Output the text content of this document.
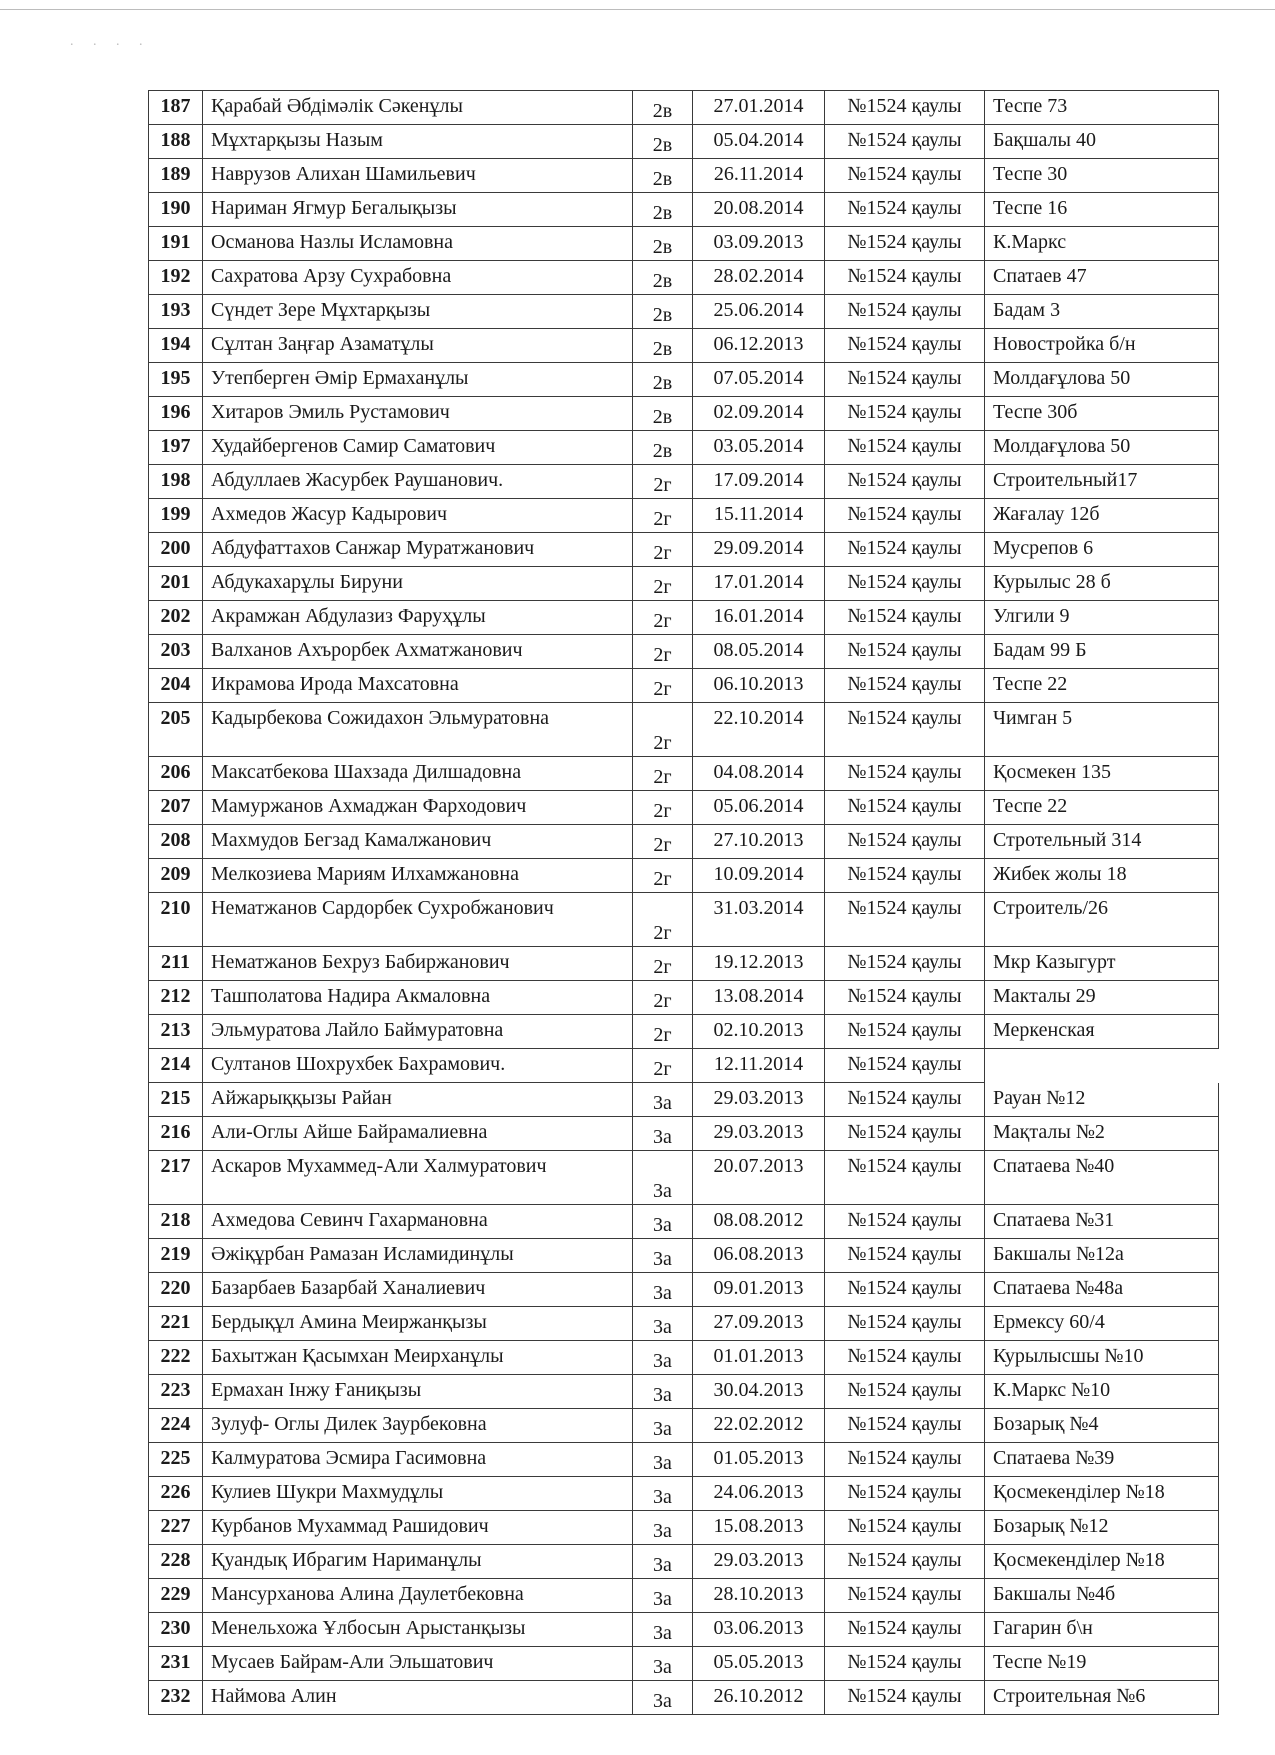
. . . .
187	Қарабай Әбдімәлік Сәкенұлы	2в	27.01.2014	№1524 қаулы	Теспе 73
188	Мұхтарқызы Назым	2в	05.04.2014	№1524 қаулы	Бақшалы 40
189	Наврузов Алихан Шамильевич	2в	26.11.2014	№1524 қаулы	Теспе 30
190	Нариман Ягмур Бегалықызы	2в	20.08.2014	№1524 қаулы	Теспе 16
191	Османова Назлы Исламовна	2в	03.09.2013	№1524 қаулы	К.Маркс
192	Сахратова Арзу Сухрабовна	2в	28.02.2014	№1524 қаулы	Спатаев 47
193	Сүндет Зере Мұхтарқызы	2в	25.06.2014	№1524 қаулы	Бадам 3
194	Сұлтан Заңғар Азаматұлы	2в	06.12.2013	№1524 қаулы	Новостройка б/н
195	Утепберген Әмір Ермаханұлы	2в	07.05.2014	№1524 қаулы	Молдағұлова 50
196	Хитаров Эмиль Рустамович	2в	02.09.2014	№1524 қаулы	Теспе 30б
197	Худайбергенов Самир Саматович	2в	03.05.2014	№1524 қаулы	Молдағұлова 50
198	Абдуллаев Жасурбек Раушанович.	2г	17.09.2014	№1524 қаулы	Строительный17
199	Ахмедов Жасур Кадырович	2г	15.11.2014	№1524 қаулы	Жағалау 12б
200	Абдуфаттахов Санжар Муратжанович	2г	29.09.2014	№1524 қаулы	Мусрепов 6
201	Абдукахарұлы Бируни	2г	17.01.2014	№1524 қаулы	Курылыс 28 б
202	Акрамжан Абдулазиз Фаруҳұлы	2г	16.01.2014	№1524 қаулы	Улгили 9
203	Валханов Ахърорбек Ахматжанович	2г	08.05.2014	№1524 қаулы	Бадам 99 Б
204	Икрамова Ирода Махсатовна	2г	06.10.2013	№1524 қаулы	Теспе 22
205	Кадырбекова Сожидахон Эльмуратовна	2г	22.10.2014	№1524 қаулы	Чимган 5
206	Максатбекова Шахзада Дилшадовна	2г	04.08.2014	№1524 қаулы	Қосмекен 135
207	Мамуржанов Ахмаджан Фарходович	2г	05.06.2014	№1524 қаулы	Теспе 22
208	Махмудов Бегзад Камалжанович	2г	27.10.2013	№1524 қаулы	Стротельный 314
209	Мелкозиева Мариям Илхамжановна	2г	10.09.2014	№1524 қаулы	Жибек жолы 18
210	Нематжанов Сардорбек Сухробжанович	2г	31.03.2014	№1524 қаулы	Строитель/26
211	Нематжанов Бехруз Бабиржанович	2г	19.12.2013	№1524 қаулы	Мкр Казыгурт
212	Ташполатова Надира Акмаловна	2г	13.08.2014	№1524 қаулы	Макталы 29
213	Эльмуратова Лайло Баймуратовна	2г	02.10.2013	№1524 қаулы	Меркенская
214	Султанов Шохрухбек Бахрамович.	2г	12.11.2014	№1524 қаулы	
215	Айжарыққызы Райан	3а	29.03.2013	№1524 қаулы	Рауан №12
216	Али-Оглы Айше Байрамалиевна	3а	29.03.2013	№1524 қаулы	Мақталы №2
217	Аскаров Мухаммед-Али Халмуратович	3а	20.07.2013	№1524 қаулы	Спатаева №40
218	Ахмедова Севинч Гахармановна	3а	08.08.2012	№1524 қаулы	Спатаева №31
219	Әжіқұрбан Рамазан Исламидинұлы	3а	06.08.2013	№1524 қаулы	Бакшалы №12а
220	Базарбаев Базарбай Ханалиевич	3а	09.01.2013	№1524 қаулы	Спатаева №48а
221	Бердықұл Амина Меиржанқызы	3а	27.09.2013	№1524 қаулы	Ермексу 60/4
222	Бахытжан Қасымхан Меирханұлы	3а	01.01.2013	№1524 қаулы	Курылысшы №10
223	Ермахан Інжу Ғаниқызы	3а	30.04.2013	№1524 қаулы	К.Маркс №10
224	Зулуф- Оглы Дилек Заурбековна	3а	22.02.2012	№1524 қаулы	Бозарық №4
225	Калмуратова Эсмира Гасимовна	3а	01.05.2013	№1524 қаулы	Спатаева №39
226	Кулиев Шукри Махмудұлы	3а	24.06.2013	№1524 қаулы	Қосмекенділер №18
227	Курбанов Мухаммад Рашидович	3а	15.08.2013	№1524 қаулы	Бозарық №12
228	Қуандық Ибрагим Нариманұлы	3а	29.03.2013	№1524 қаулы	Қосмекенділер №18
229	Мансурханова Алина Даулетбековна	3а	28.10.2013	№1524 қаулы	Бакшалы №4б
230	Менельхожа Ұлбосын Арыстанқызы	3а	03.06.2013	№1524 қаулы	Гагарин б\н
231	Мусаев Байрам-Али Эльшатович	3а	05.05.2013	№1524 қаулы	Теспе №19
232	Наймова Алин	3а	26.10.2012	№1524 қаулы	Строительная №6
